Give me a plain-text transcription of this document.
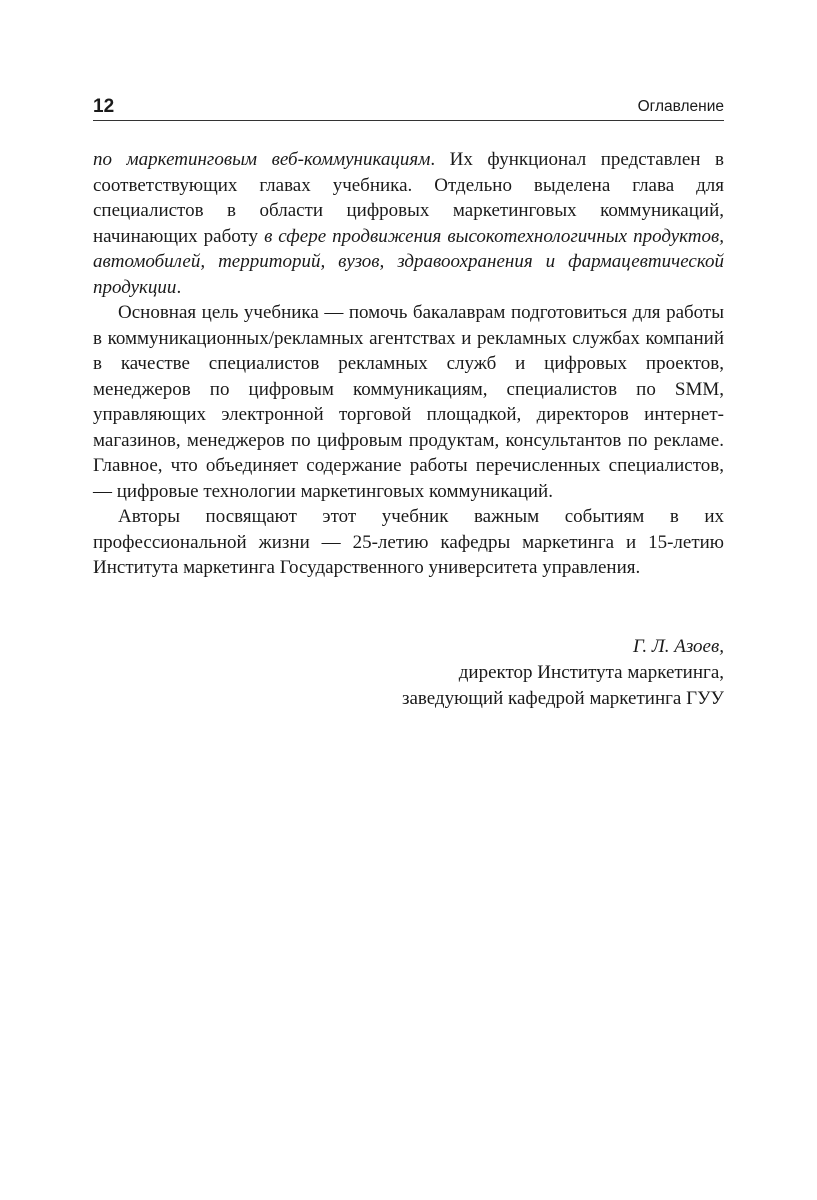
12	Оглавление

по маркетинговым веб-коммуникациям. Их функционал представлен в соответствующих главах учебника. Отдельно выделена глава для специалистов в области цифровых маркетинговых коммуникаций, начинающих работу в сфере продвижения высокотехнологичных продуктов, автомобилей, территорий, вузов, здравоохранения и фармацевтической продукции.

Основная цель учебника — помочь бакалаврам подготовиться для работы в коммуникационных/рекламных агентствах и рекламных службах компаний в качестве специалистов рекламных служб и цифровых проектов, менеджеров по цифровым коммуникациям, специалистов по SMM, управляющих электронной торговой площадкой, директоров интернет-магазинов, менеджеров по цифровым продуктам, консультантов по рекламе. Главное, что объединяет содержание работы перечисленных специалистов, — цифровые технологии маркетинговых коммуникаций.

Авторы посвящают этот учебник важным событиям в их профессиональной жизни — 25-летию кафедры маркетинга и 15-летию Института маркетинга Государственного университета управления.

Г. Л. Азоев,
директор Института маркетинга,
заведующий кафедрой маркетинга ГУУ
